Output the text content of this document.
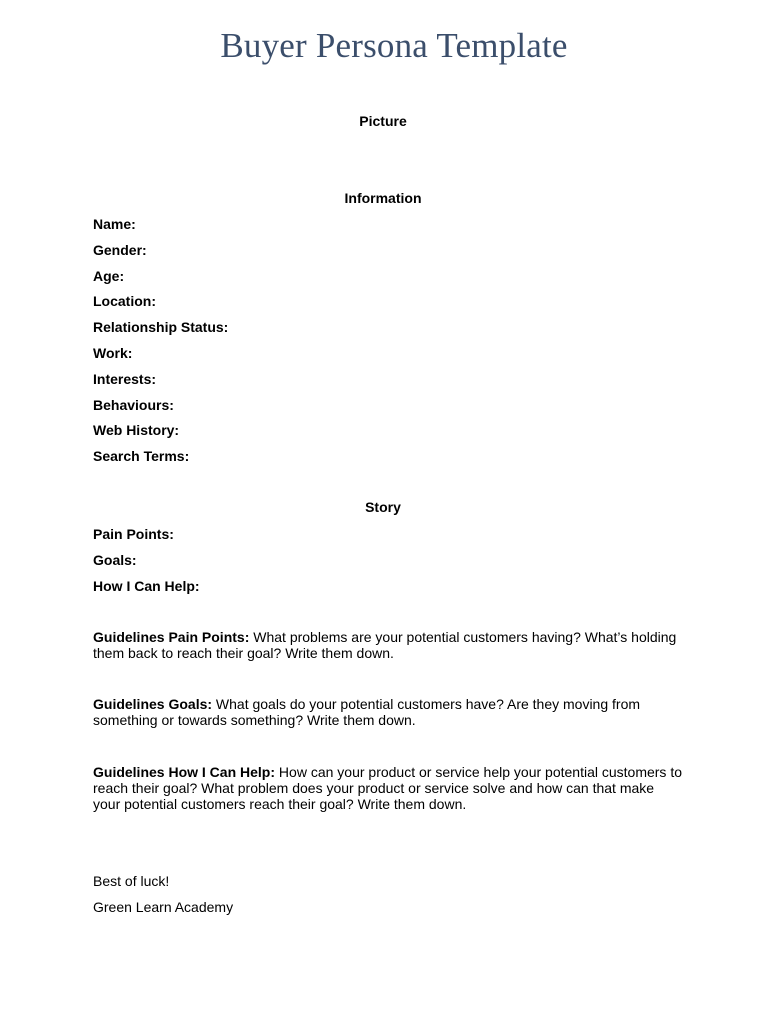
Buyer Persona Template
Picture
Information
Name:
Gender:
Age:
Location:
Relationship Status:
Work:
Interests:
Behaviours:
Web History:
Search Terms:
Story
Pain Points:
Goals:
How I Can Help:
Guidelines Pain Points: What problems are your potential customers having? What’s holding them back to reach their goal? Write them down.
Guidelines Goals: What goals do your potential customers have? Are they moving from something or towards something? Write them down.
Guidelines How I Can Help: How can your product or service help your potential customers to reach their goal? What problem does your product or service solve and how can that make your potential customers reach their goal? Write them down.
Best of luck!
Green Learn Academy
